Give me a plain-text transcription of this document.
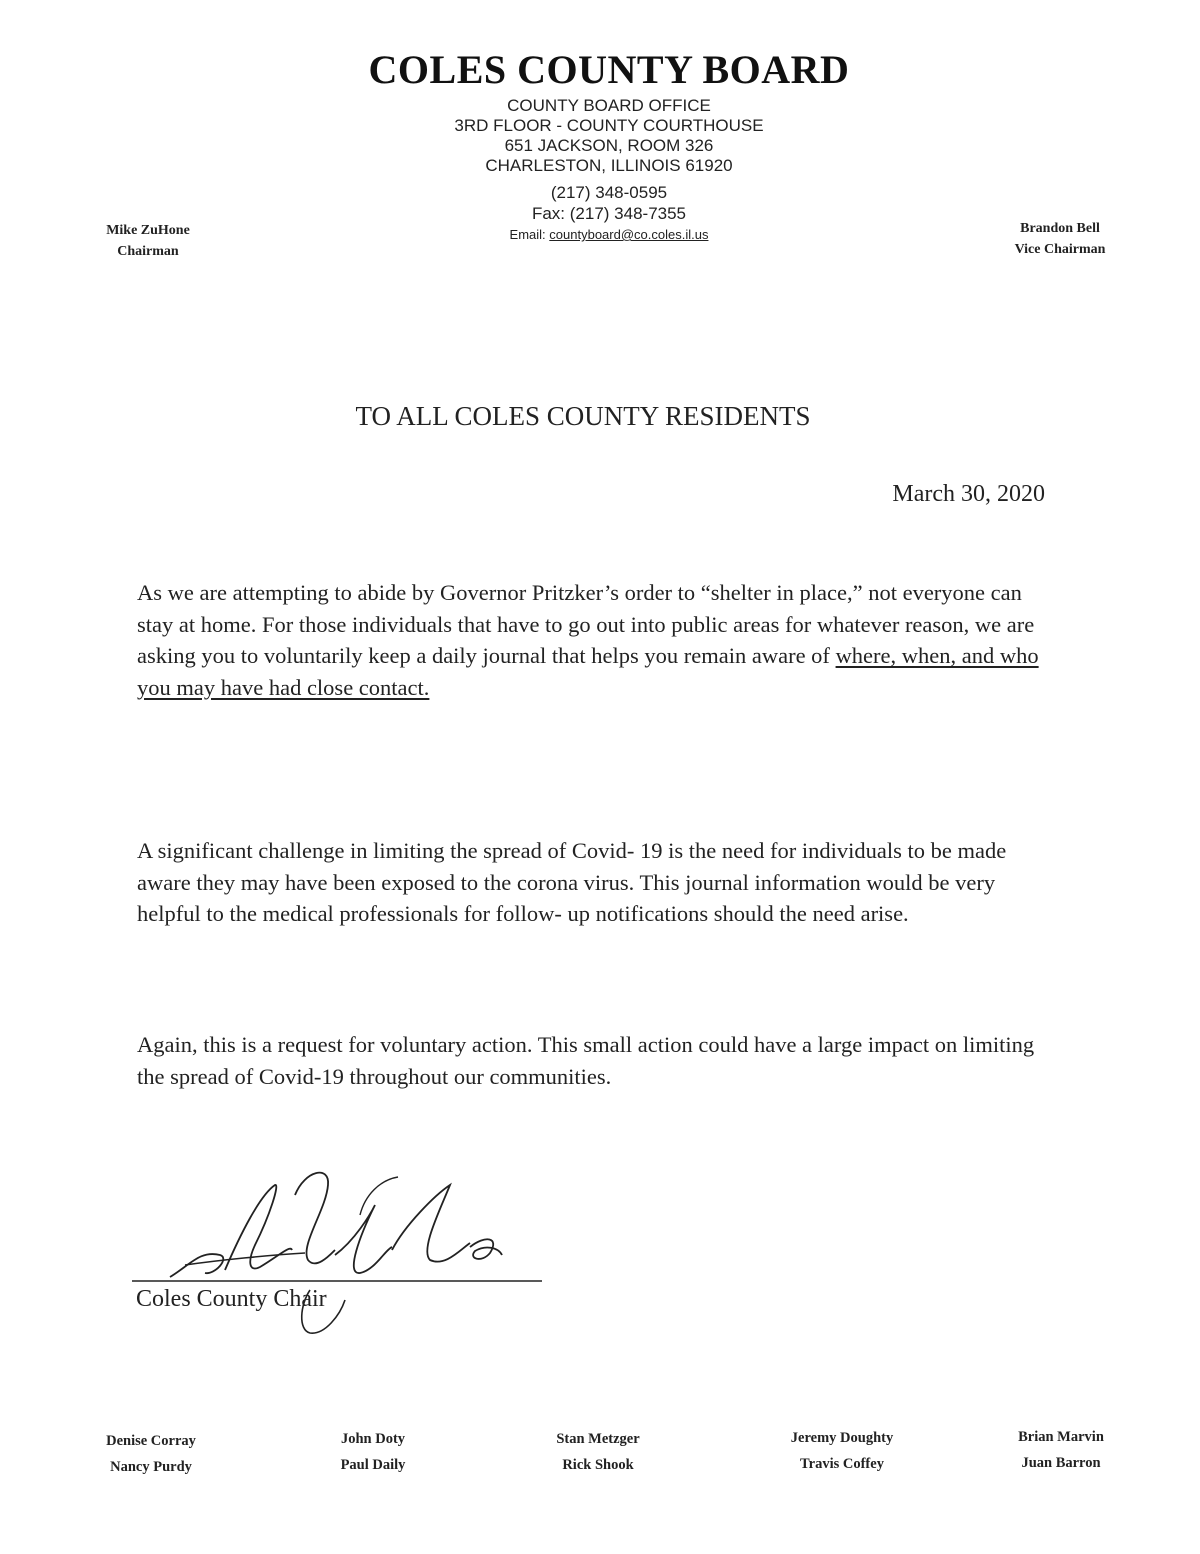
COLES COUNTY BOARD
COUNTY BOARD OFFICE
3RD FLOOR - COUNTY COURTHOUSE
651 JACKSON, ROOM 326
CHARLESTON, ILLINOIS 61920
(217) 348-0595
Fax: (217) 348-7355
Email: countyboard@co.coles.il.us
Mike ZuHone
Chairman
Brandon Bell
Vice Chairman
TO ALL COLES COUNTY RESIDENTS
March 30, 2020
As we are attempting to abide by Governor Pritzker’s order to “shelter in place,” not everyone can stay at home. For those individuals that have to go out into public areas for whatever reason, we are asking you to voluntarily keep a daily journal that helps you remain aware of where, when, and who you may have had close contact.
A significant challenge in limiting the spread of Covid- 19 is the need for individuals to be made aware they may have been exposed to the corona virus. This journal information would be very helpful to the medical professionals for follow- up notifications should the need arise.
Again, this is a request for voluntary action. This small action could have a large impact on limiting the spread of Covid-19 throughout our communities.
Coles County Chair
Denise Corray
Nancy Purdy
John Doty
Paul Daily
Stan Metzger
Rick Shook
Jeremy Doughty
Travis Coffey
Brian Marvin
Juan Barron
